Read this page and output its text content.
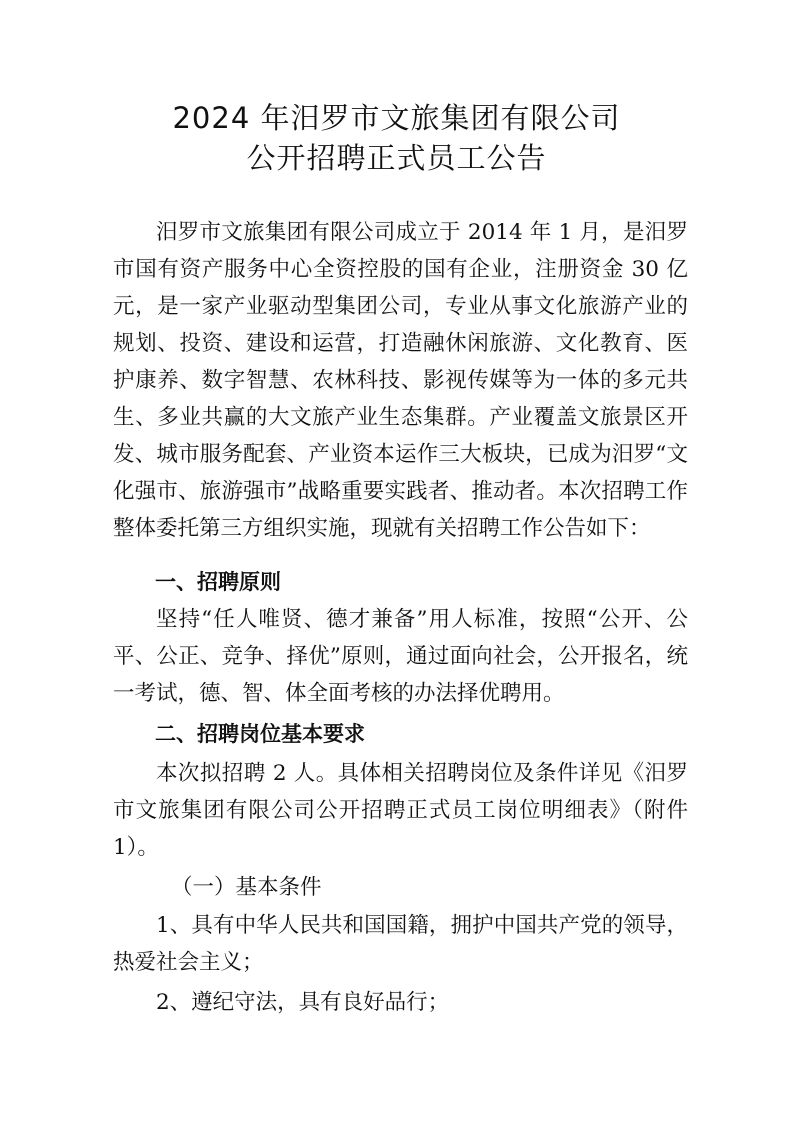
2024 年汨罗市文旅集团有限公司
公开招聘正式员工公告

汨罗市文旅集团有限公司成立于 2014 年 1 月，是汨罗市国有资产服务中心全资控股的国有企业，注册资金 30 亿元，是一家产业驱动型集团公司，专业从事文化旅游产业的规划、投资、建设和运营，打造融休闲旅游、文化教育、医护康养、数字智慧、农林科技、影视传媒等为一体的多元共生、多业共赢的大文旅产业生态集群。产业覆盖文旅景区开发、城市服务配套、产业资本运作三大板块，已成为汨罗“文化强市、旅游强市”战略重要实践者、推动者。本次招聘工作整体委托第三方组织实施，现就有关招聘工作公告如下：

一、招聘原则

坚持“任人唯贤、德才兼备”用人标准，按照“公开、公平、公正、竞争、择优”原则，通过面向社会，公开报名，统一考试，德、智、体全面考核的办法择优聘用。

二、招聘岗位基本要求

本次拟招聘 2 人。具体相关招聘岗位及条件详见《汨罗市文旅集团有限公司公开招聘正式员工岗位明细表》（附件 1）。

（一）基本条件

1、具有中华人民共和国国籍，拥护中国共产党的领导，热爱社会主义；

2、遵纪守法，具有良好品行；
